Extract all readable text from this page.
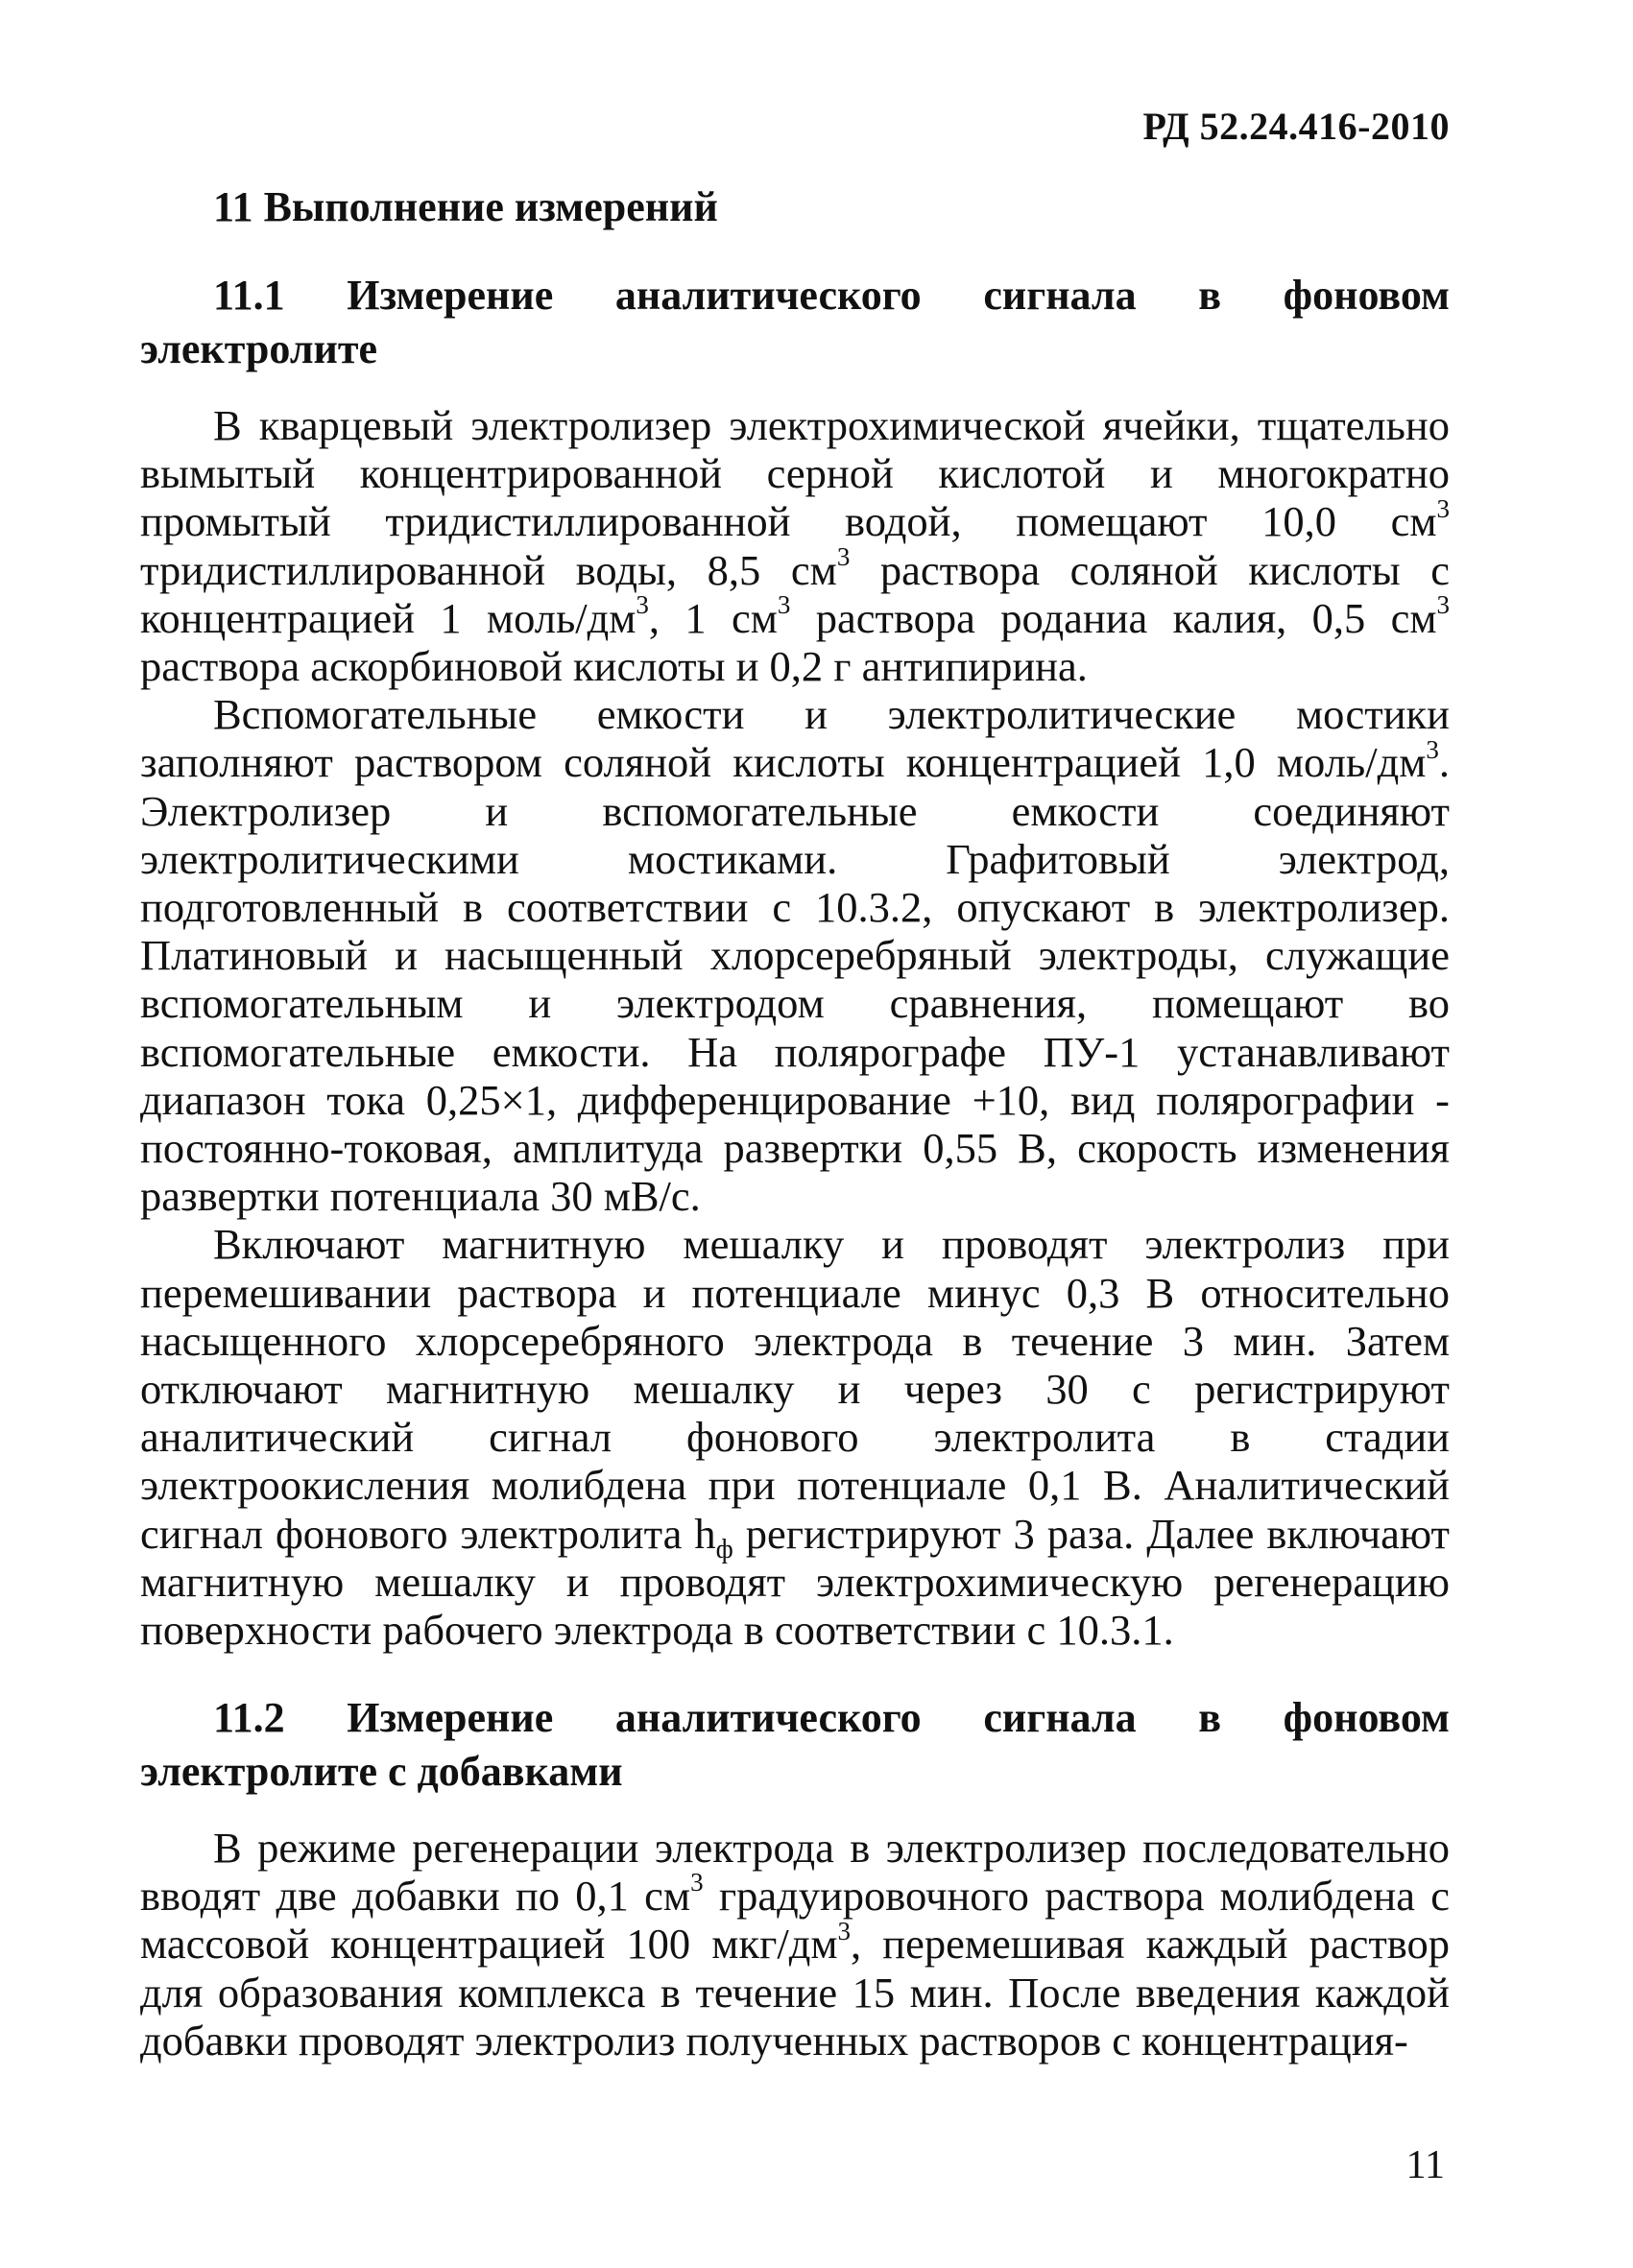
РД 52.24.416-2010
11 Выполнение измерений
11.1 Измерение аналитического сигнала в фоновом
электролите

В кварцевый электролизер электрохимической ячейки, тщательно вымытый концентрированной серной кислотой и многократно промытый тридистиллированной водой, помещают 10,0 $см^3$ тридистиллированной воды, 8,5 $см^3$ раствора соляной кислоты с концентрацией 1 моль/$дм^3$, 1 $см^3$ раствора роданиа калия, 0,5 $см^3$ раствора аскорбиновой кислоты и 0,2 г антипирина.

Вспомогательные емкости и электролитические мостики заполняют раствором соляной кислоты концентрацией 1,0 моль/$дм^3$. Электролизер и вспомогательные емкости соединяют электролитическими мостиками. Графитовый электрод, подготовленный в соответствии с 10.3.2, опускают в электролизер. Платиновый и насыщенный хлорсеребряный электроды, служащие вспомогательным и электродом сравнения, помещают во вспомогательные емкости. На полярографе ПУ-1 устанавливают диапазон тока 0,25×1, дифференцирование +10, вид полярографии - постоянно-токовая, амплитуда развертки 0,55 В, скорость изменения развертки потенциала 30 мВ/с.

Включают магнитную мешалку и проводят электролиз при перемешивании раствора и потенциале минус 0,3 В относительно насыщенного хлорсеребряного электрода в течение 3 мин. Затем отключают магнитную мешалку и через 30 с регистрируют аналитический сигнал фонового электролита в стадии электроокисления молибдена при потенциале 0,1 В. Аналитический сигнал фонового электролита $h_ф$ регистрируют 3 раза. Далее включают магнитную мешалку и проводят электрохимическую регенерацию поверхности рабочего электрода в соответствии с 10.3.1.

11.2 Измерение аналитического сигнала в фоновом
электролите с добавками

В режиме регенерации электрода в электролизер последовательно вводят две добавки по 0,1 $см^3$ градуировочного раствора молибдена с массовой концентрацией 100 мкг/$дм^3$, перемешивая каждый раствор для образования комплекса в течение 15 мин. После введения каждой добавки проводят электролиз полученных растворов с концентрация-

11
